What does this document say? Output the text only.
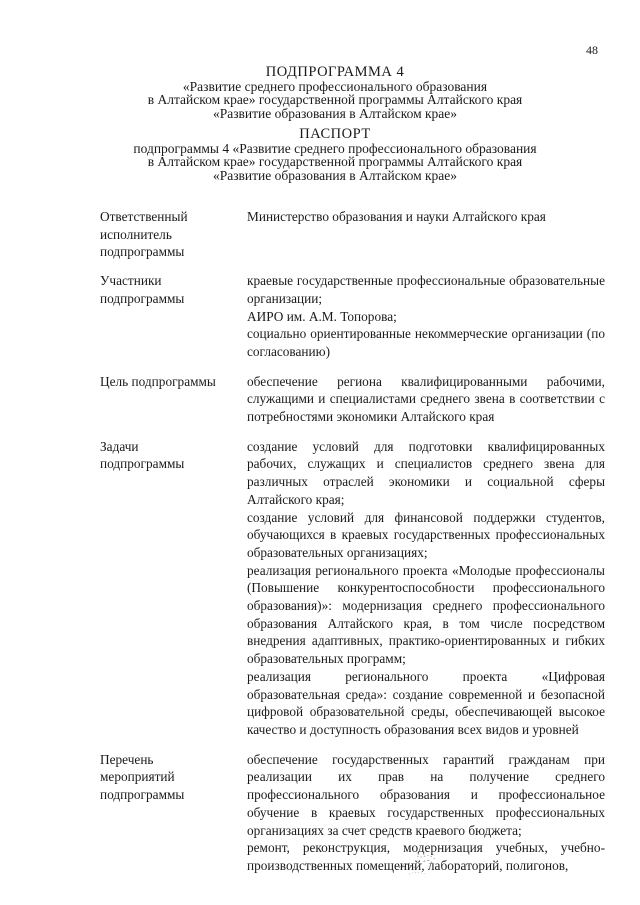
48
ПОДПРОГРАММА 4
«Развитие среднего профессионального образования
в Алтайском крае» государственной программы Алтайского края
«Развитие образования в Алтайском крае»
ПАСПОРТ
подпрограммы 4 «Развитие среднего профессионального образования
в Алтайском крае» государственной программы Алтайского края
«Развитие образования в Алтайском крае»
Ответственный исполнитель подпрограммы

Министерство образования и науки Алтайского края

Участники подпрограммы

краевые государственные профессиональные образовательные организации;

АИРО им. А.М. Топорова;

социально ориентированные некоммерческие организации (по согласованию)

Цель подпрограммы	обеспечение региона квалифицированными рабочими, служащими и специалистами среднего звена в соответствии с потребностями экономики Алтайского края

Задачи подпрограммы

создание условий для подготовки квалифицированных рабочих, служащих и специалистов среднего звена для различных отраслей экономики и социальной сферы Алтайского края;

создание условий для финансовой поддержки студентов, обучающихся в краевых государственных профессиональных образовательных организациях;

реализация регионального проекта «Молодые профессионалы (Повышение конкурентоспособности профессионального образования)»: модернизация среднего профессионального образования Алтайского края, в том числе посредством внедрения адаптивных, практико-ориентированных и гибких образовательных программ;

реализация регионального проекта «Цифровая образовательная среда»: создание современной и безопасной цифровой образовательной среды, обеспечивающей высокое качество и доступность образования всех видов и уровней

Перечень мероприятий подпрограммы

обеспечение государственных гарантий гражданам при реализации их прав на получение среднего профессионального образования и профессиональное обучение в краевых государственных профессиональных организациях за счет средств краевого бюджета;

ремонт, реконструкция, модернизация учебных, учебно-производственных помещений, лабораторий, полигонов,
